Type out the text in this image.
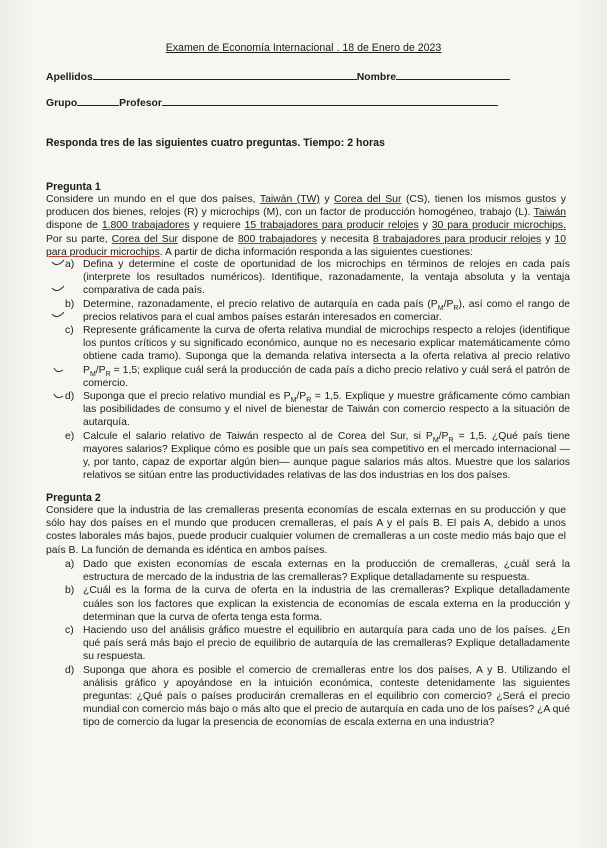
Examen de Economía Internacional . 18 de Enero de 2023
Apellidos	Nombre
Grupo	Profesor
Responda tres de las siguientes cuatro preguntas. Tiempo: 2 horas
Pregunta 1
Considere un mundo en el que dos países, Taiwán (TW) y Corea del Sur (CS), tienen los mismos gustos y producen dos bienes, relojes (R) y microchips (M), con un factor de producción homogéneo, trabajo (L). Taiwán dispone de 1.800 trabajadores y requiere 15 trabajadores para producir relojes y 30 para producir microchips. Por su parte, Corea del Sur dispone de 800 trabajadores y necesita 8 trabajadores para producir relojes y 10 para producir microchips. A partir de dicha información responda a las siguientes cuestiones:
a) Defina y determine el coste de oportunidad de los microchips en términos de relojes en cada país (interprete los resultados numéricos). Identifique, razonadamente, la ventaja absoluta y la ventaja comparativa de cada país.
b) Determine, razonadamente, el precio relativo de autarquía en cada país $(P_M/P_R)$, así como el rango de precios relativos para el cual ambos países estarán interesados en comerciar.
c) Represente gráficamente la curva de oferta relativa mundial de microchips respecto a relojes (identifique los puntos críticos y su significado económico, aunque no es necesario explicar matemáticamente cómo obtiene cada tramo). Suponga que la demanda relativa intersecta a la oferta relativa al precio relativo $P_M/P_R = 1,5$; explique cuál será la producción de cada país a dicho precio relativo y cuál será el patrón de comercio.
d) Suponga que el precio relativo mundial es $P_M/P_R = 1,5$. Explique y muestre gráficamente cómo cambian las posibilidades de consumo y el nivel de bienestar de Taiwán con comercio respecto a la situación de autarquía.
e) Calcule el salario relativo de Taiwán respecto al de Corea del Sur, si $P_M/P_R = 1,5$. ¿Qué país tiene mayores salarios? Explique cómo es posible que un país sea competitivo en el mercado internacional —y, por tanto, capaz de exportar algún bien— aunque pague salarios más altos. Muestre que los salarios relativos se sitúan entre las productividades relativas de las dos industrias en los dos países.
Pregunta 2
Considere que la industria de las cremalleras presenta economías de escala externas en su producción y que sólo hay dos países en el mundo que producen cremalleras, el país A y el país B. El país A, debido a unos costes laborales más bajos, puede producir cualquier volumen de cremalleras a un coste medio más bajo que el país B. La función de demanda es idéntica en ambos países.
a) Dado que existen economías de escala externas en la producción de cremalleras, ¿cuál será la estructura de mercado de la industria de las cremalleras? Explique detalladamente su respuesta.
b) ¿Cuál es la forma de la curva de oferta en la industria de las cremalleras? Explique detalladamente cuáles son los factores que explican la existencia de economías de escala externa en la producción y determinan que la curva de oferta tenga esta forma.
c) Haciendo uso del análisis gráfico muestre el equilibrio en autarquía para cada uno de los países. ¿En qué país será más bajo el precio de equilibrio de autarquía de las cremalleras? Explique detalladamente su respuesta.
d) Suponga que ahora es posible el comercio de cremalleras entre los dos países, A y B. Utilizando el análisis gráfico y apoyándose en la intuición económica, conteste detenidamente las siguientes preguntas: ¿Qué país o países producirán cremalleras en el equilibrio con comercio? ¿Será el precio mundial con comercio más bajo o más alto que el precio de autarquía en cada uno de los países? ¿A qué tipo de comercio da lugar la presencia de economías de escala externa en una industria?
